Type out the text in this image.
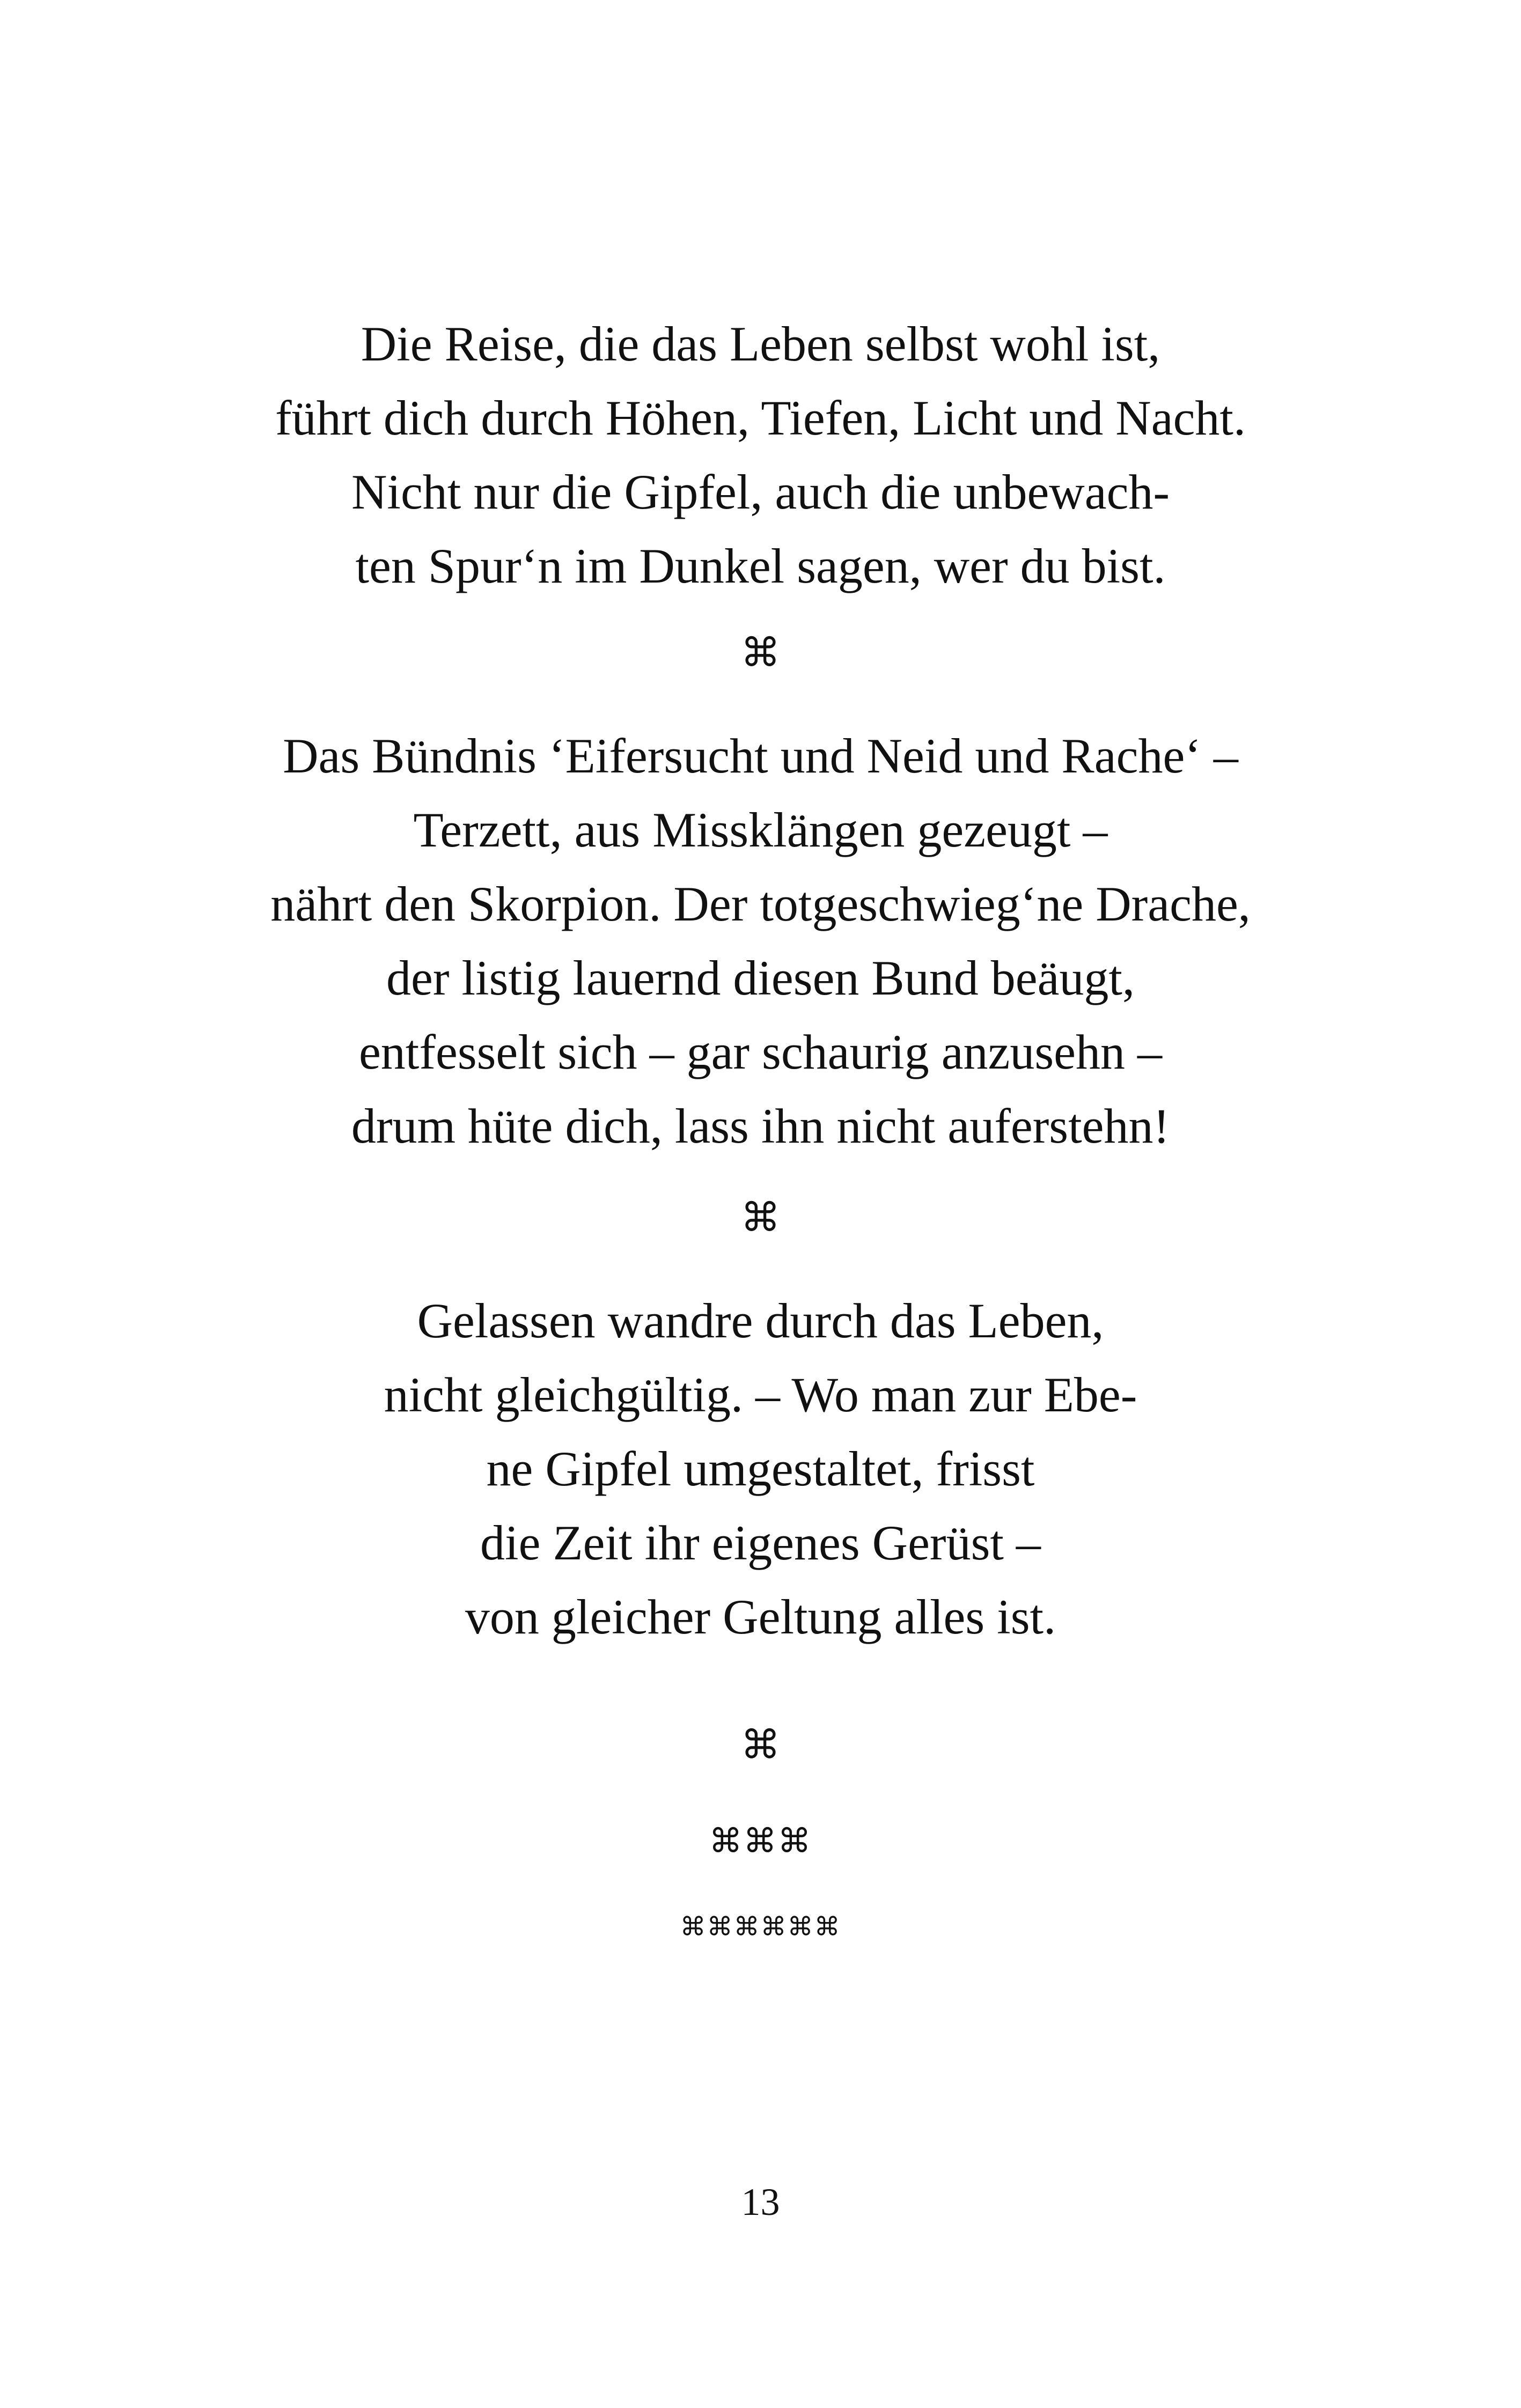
Die Reise, die das Leben selbst wohl ist,
führt dich durch Höhen, Tiefen, Licht und Nacht.
Nicht nur die Gipfel, auch die unbewach-
ten Spur‘n im Dunkel sagen, wer du bist.
⌘
Das Bündnis ‘Eifersucht und Neid und Rache‘ –
Terzett, aus Missklängen gezeugt –
nährt den Skorpion. Der totgeschwieg‘ne Drache,
der listig lauernd diesen Bund beäugt,
entfesselt sich – gar schaurig anzusehn –
drum hüte dich, lass ihn nicht auferstehn!
⌘
Gelassen wandre durch das Leben,
nicht gleichgültig. – Wo man zur Ebe-
ne Gipfel umgestaltet, frisst
die Zeit ihr eigenes Gerüst –
von gleicher Geltung alles ist.
⌘
⌘⌘⌘
⌘⌘⌘⌘⌘⌘
13
